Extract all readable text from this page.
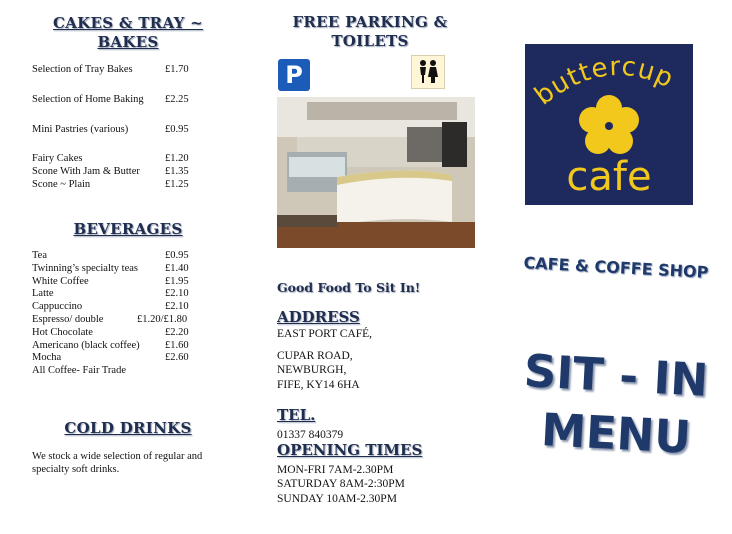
CAKES & TRAY ~ BAKES
Selection of Tray Bakes	£1.70
Selection of Home Baking £2.25
Mini Pastries (various)	£0.95
Fairy Cakes	£1.20
Scone With Jam & Butter £1.35
Scone ~ Plain	£1.25
BEVERAGES
Tea	£0.95
Twinning’s specialty teas	£1.40
White Coffee	£1.95
Latte	£2.10
Cappuccino	£2.10
Espresso/ double	£1.20/£1.80
Hot Chocolate	£2.20
Americano (black coffee) £1.60
Mocha	£2.60
All Coffee- Fair Trade
COLD DRINKS
We stock a wide selection of regular and specialty soft drinks.
FREE PARKING & TOILETS
P
Good Food To Sit In!
ADDRESS
EAST PORT CAFÉ,
CUPAR ROAD,
NEWBURGH,
FIFE, KY14 6HA
TEL.
01337 840379
OPENING TIMES
MON-FRI 7AM-2.30PM
SATURDAY 8AM-2:30PM
SUNDAY 10AM-2.30PM
buttercup
cafe
CAFE & COFFE SHOP
SIT - IN
MENU
